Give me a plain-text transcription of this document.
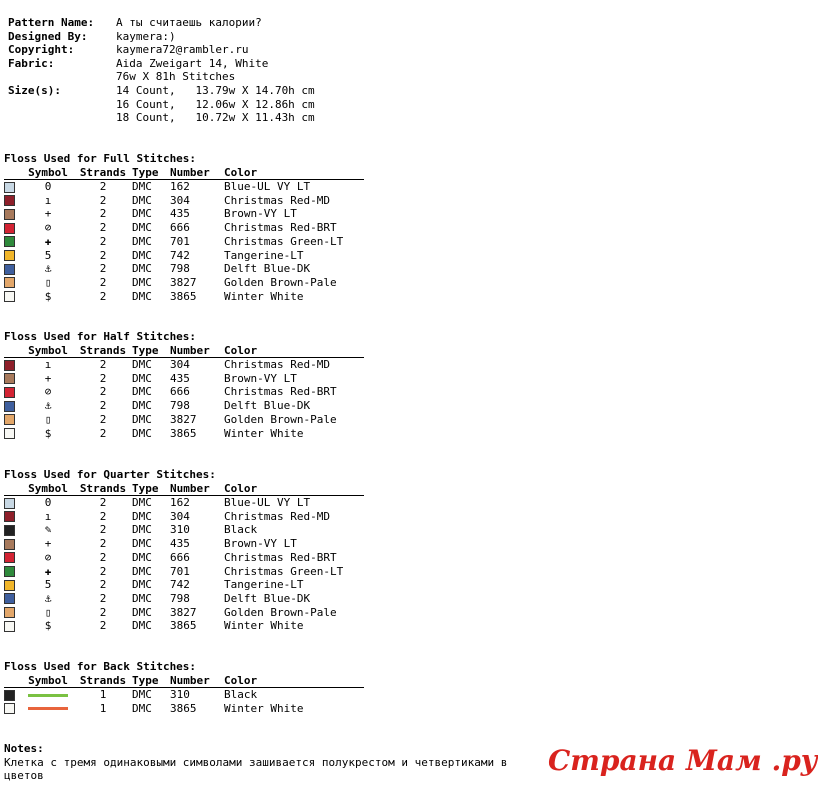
Pattern Name: А ты считаешь калории?
Designed By:	kaymera:)
Copyright:	kaymera72@rambler.ru
Fabric:	Aida Zweigart 14, White
76w X 81h Stitches
Size(s):	14 Count,   13.79w X 14.70h cm
16 Count,   12.06w X 12.86h cm
18 Count,   10.72w X 11.43h cm
Floss Used for Full Stitches:
	Symbol	Strands	Type	Number	Color
	0	2	DMC	162	Blue-UL VY LT
	ı	2	DMC	304	Christmas Red-MD
	+	2	DMC	435	Brown-VY LT
	⊘	2	DMC	666	Christmas Red-BRT
	✚	2	DMC	701	Christmas Green-LT
	5	2	DMC	742	Tangerine-LT
	⚓	2	DMC	798	Delft Blue-DK
	▯	2	DMC	3827	Golden Brown-Pale
	$	2	DMC	3865	Winter White
Floss Used for Half Stitches:
	Symbol	Strands	Type	Number	Color
	ı	2	DMC	304	Christmas Red-MD
	+	2	DMC	435	Brown-VY LT
	⊘	2	DMC	666	Christmas Red-BRT
	⚓	2	DMC	798	Delft Blue-DK
	▯	2	DMC	3827	Golden Brown-Pale
	$	2	DMC	3865	Winter White
Floss Used for Quarter Stitches:
	Symbol	Strands	Type	Number	Color
	0	2	DMC	162	Blue-UL VY LT
	ı	2	DMC	304	Christmas Red-MD
	✎	2	DMC	310	Black
	+	2	DMC	435	Brown-VY LT
	⊘	2	DMC	666	Christmas Red-BRT
	✚	2	DMC	701	Christmas Green-LT
	5	2	DMC	742	Tangerine-LT
	⚓	2	DMC	798	Delft Blue-DK
	▯	2	DMC	3827	Golden Brown-Pale
	$	2	DMC	3865	Winter White
Floss Used for Back Stitches:
	Symbol	Strands	Type	Number	Color
		1	DMC	310	Black
		1	DMC	3865	Winter White
Notes:
Клетка с тремя одинаковыми символами зашивается полукрестом и четвертиками в
цветов	Страна Мам .ру
